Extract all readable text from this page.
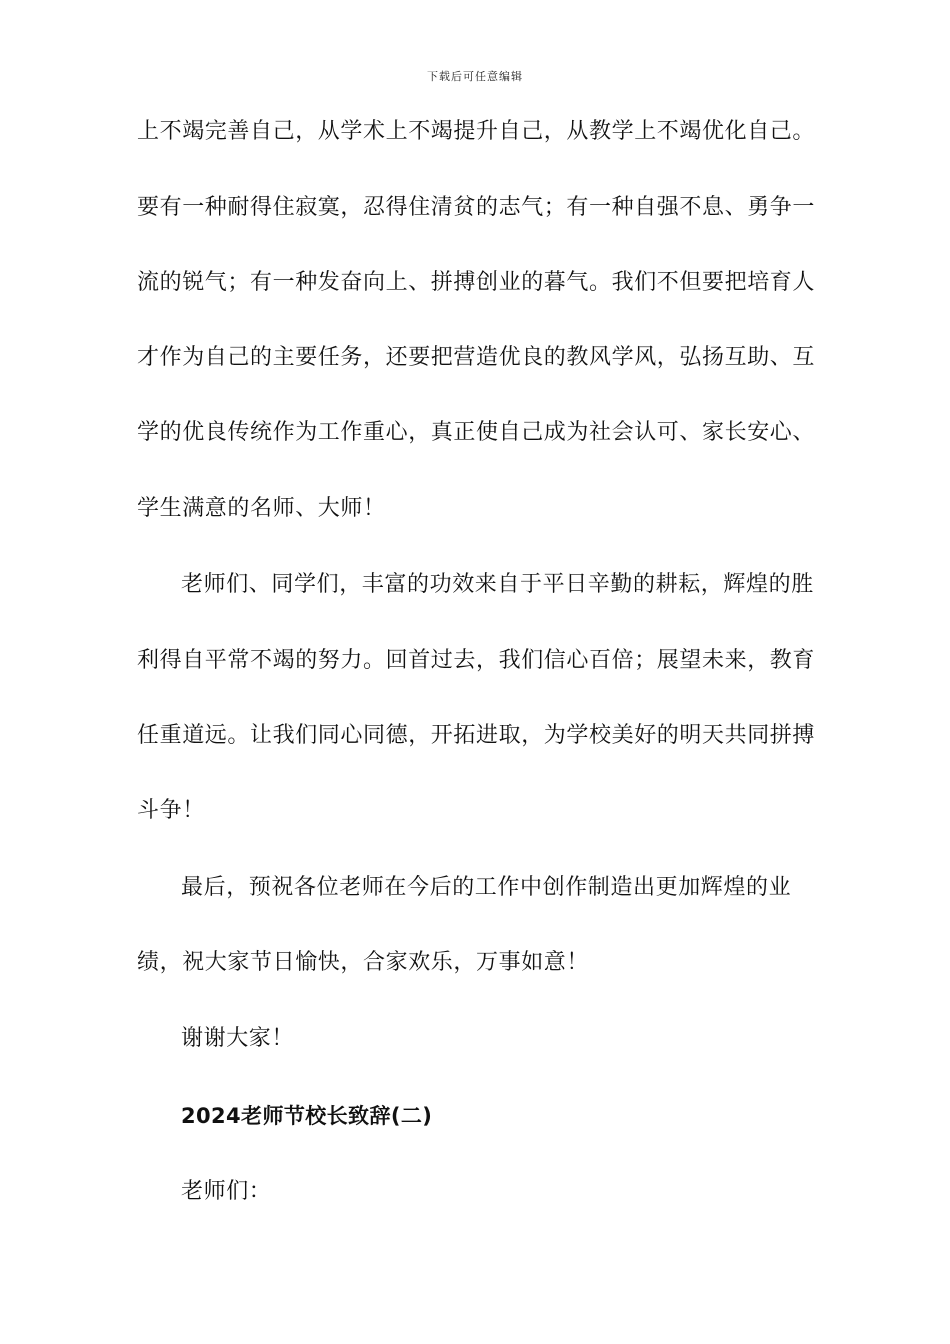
下载后可任意编辑
上不竭完善自己，从学术上不竭提升自己，从教学上不竭优化自己。
要有一种耐得住寂寞，忍得住清贫的志气；有一种自强不息、勇争一
流的锐气；有一种发奋向上、拼搏创业的暮气。我们不但要把培育人
才作为自己的主要任务，还要把营造优良的教风学风，弘扬互助、互
学的优良传统作为工作重心，真正使自己成为社会认可、家长安心、
学生满意的名师、大师！
老师们、同学们，丰富的功效来自于平日辛勤的耕耘，辉煌的胜
利得自平常不竭的努力。回首过去，我们信心百倍；展望未来，教育
任重道远。让我们同心同德，开拓进取，为学校美好的明天共同拼搏
斗争！
最后，预祝各位老师在今后的工作中创作制造出更加辉煌的业
绩，祝大家节日愉快，合家欢乐，万事如意！
谢谢大家！
2024老师节校长致辞(二)
老师们：
